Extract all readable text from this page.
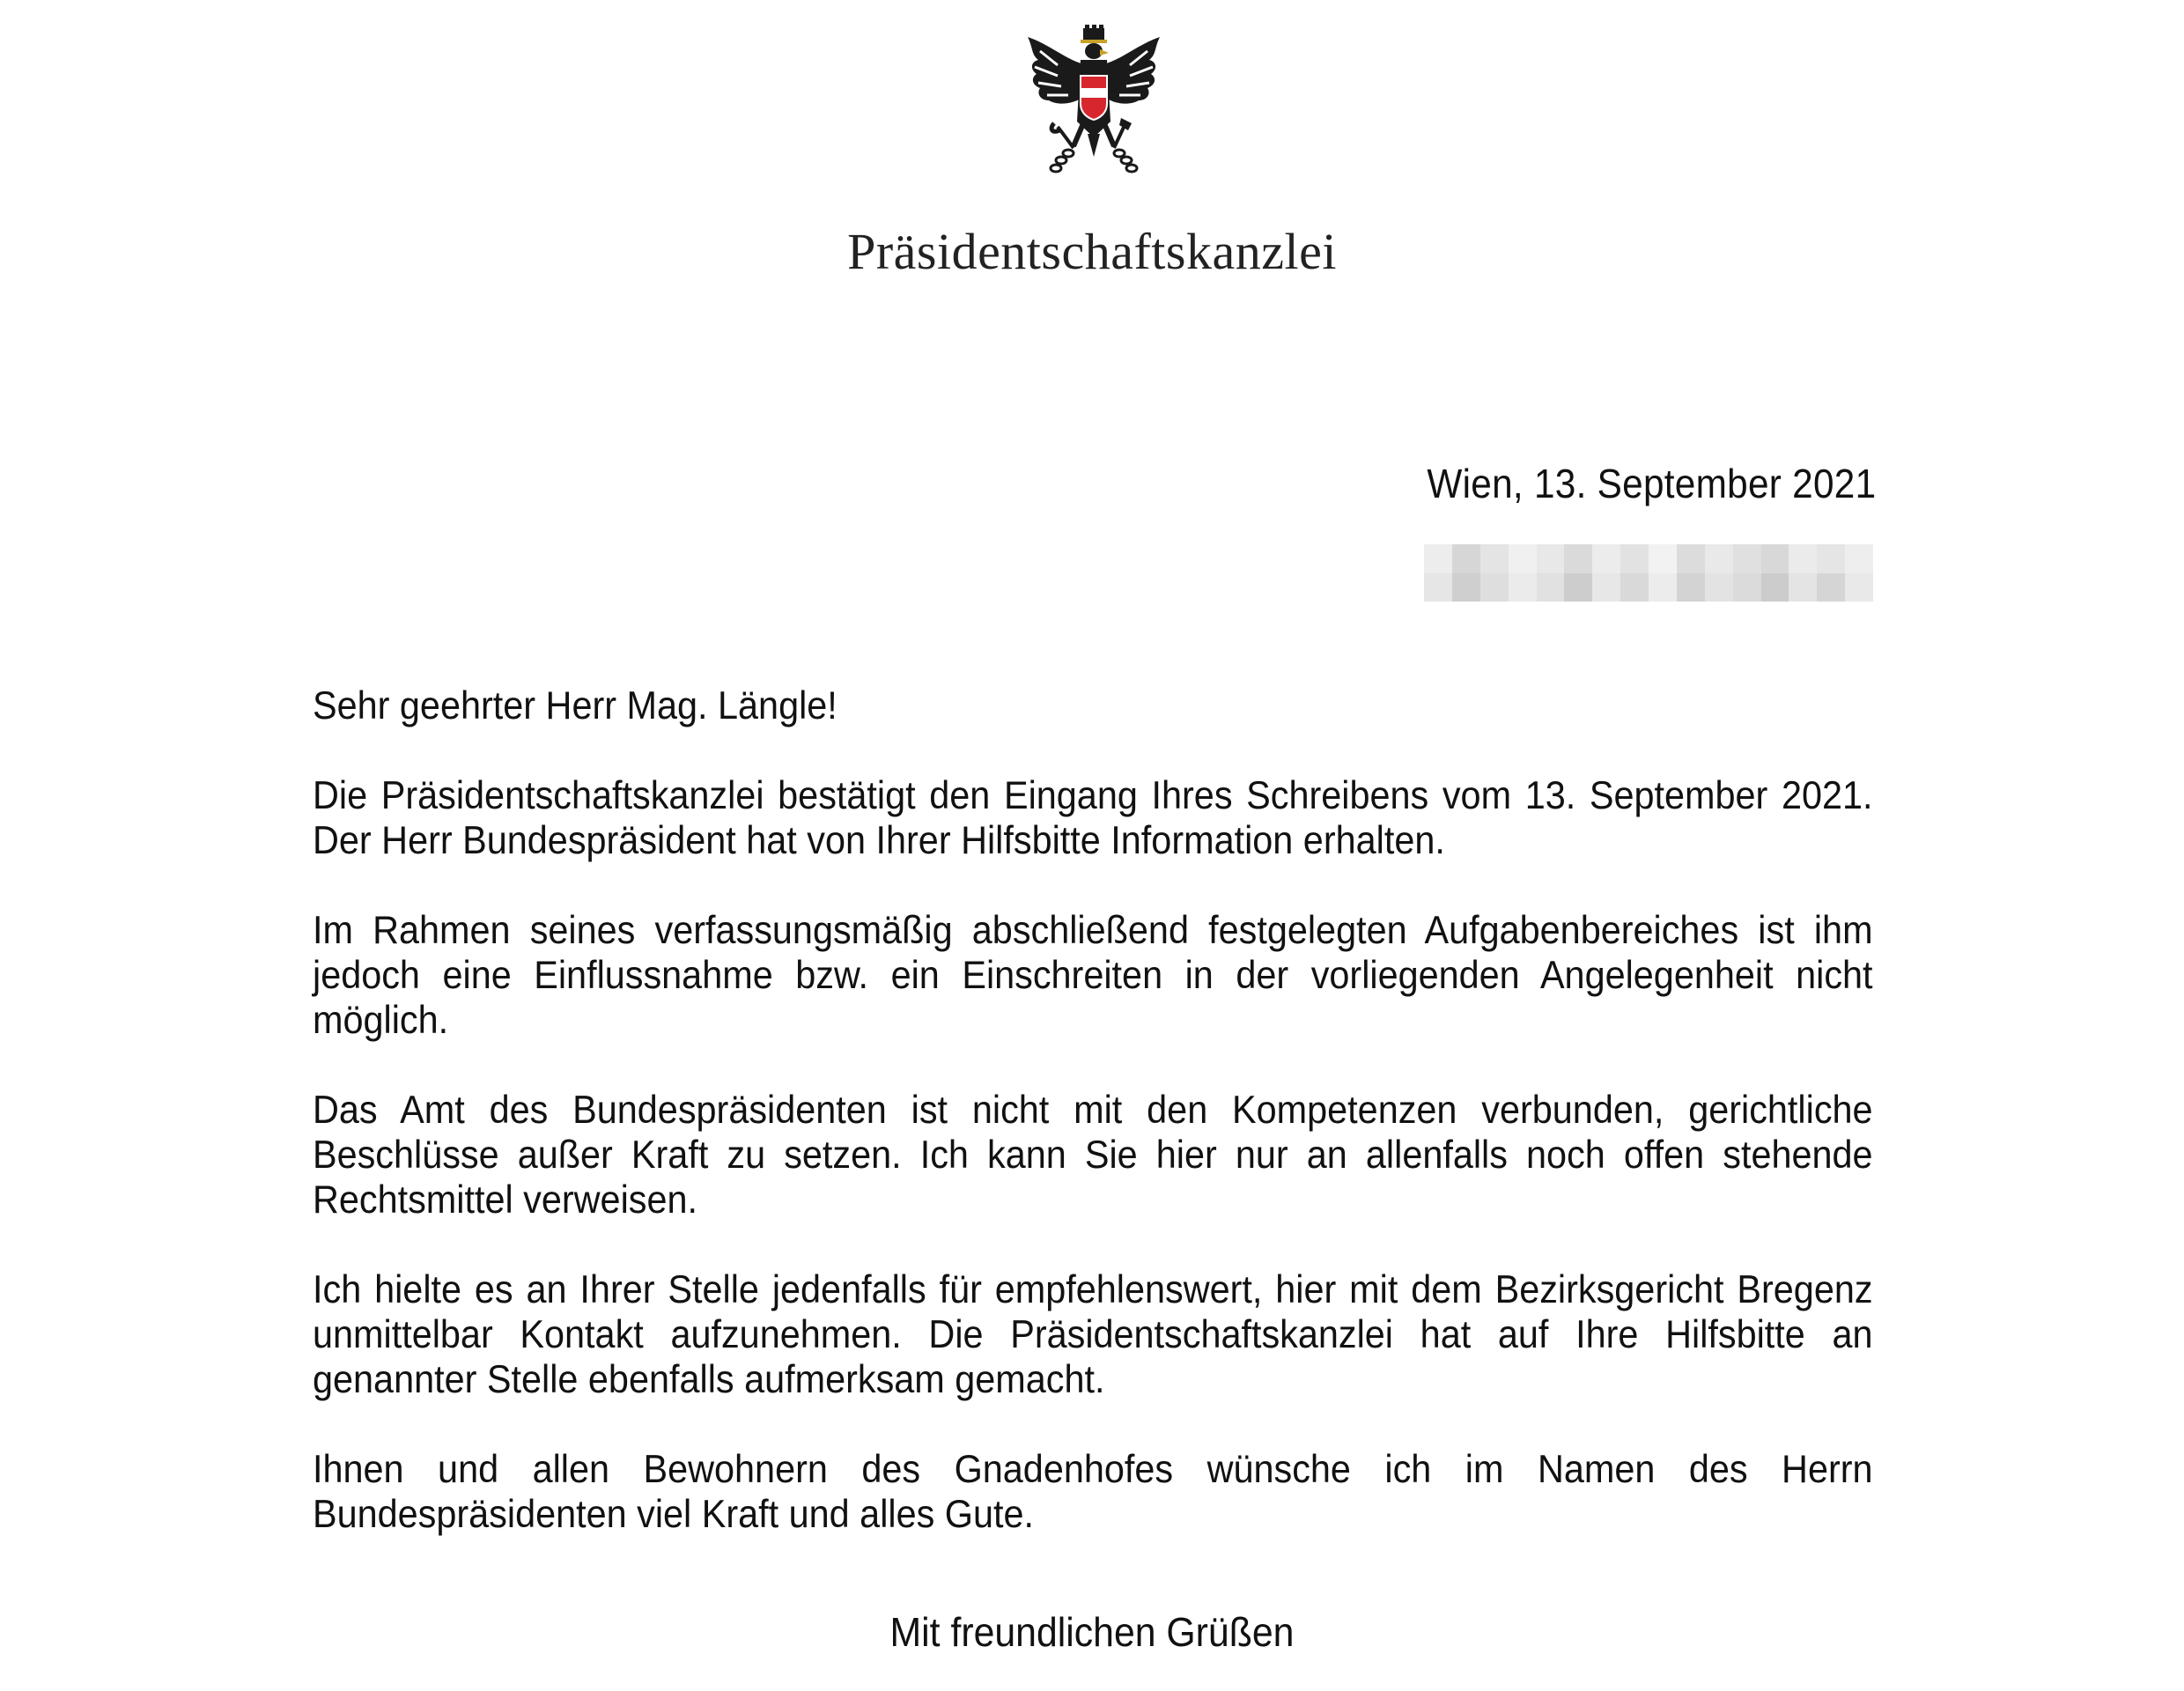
Präsidentschaftskanzlei
Wien, 13. September 2021

Sehr geehrter Herr Mag. Längle!

Die Präsidentschaftskanzlei bestätigt den Eingang Ihres Schreibens vom 13. September 2021. Der Herr Bundespräsident hat von Ihrer Hilfsbitte Information erhalten.

Im Rahmen seines verfassungsmäßig abschließend festgelegten Aufgabenbereiches ist ihm jedoch eine Einflussnahme bzw. ein Einschreiten in der vorliegenden Angelegenheit nicht möglich.

Das Amt des Bundespräsidenten ist nicht mit den Kompetenzen verbunden, gerichtliche Beschlüsse außer Kraft zu setzen. Ich kann Sie hier nur an allenfalls noch offen stehende Rechtsmittel verweisen.

Ich hielte es an Ihrer Stelle jedenfalls für empfehlenswert, hier mit dem Bezirksgericht Bregenz unmittelbar Kontakt aufzunehmen. Die Präsidentschaftskanzlei hat auf Ihre Hilfsbitte an genannter Stelle ebenfalls aufmerksam gemacht.

Ihnen und allen Bewohnern des Gnadenhofes wünsche ich im Namen des Herrn Bundespräsidenten viel Kraft und alles Gute.

Mit freundlichen Grüßen
